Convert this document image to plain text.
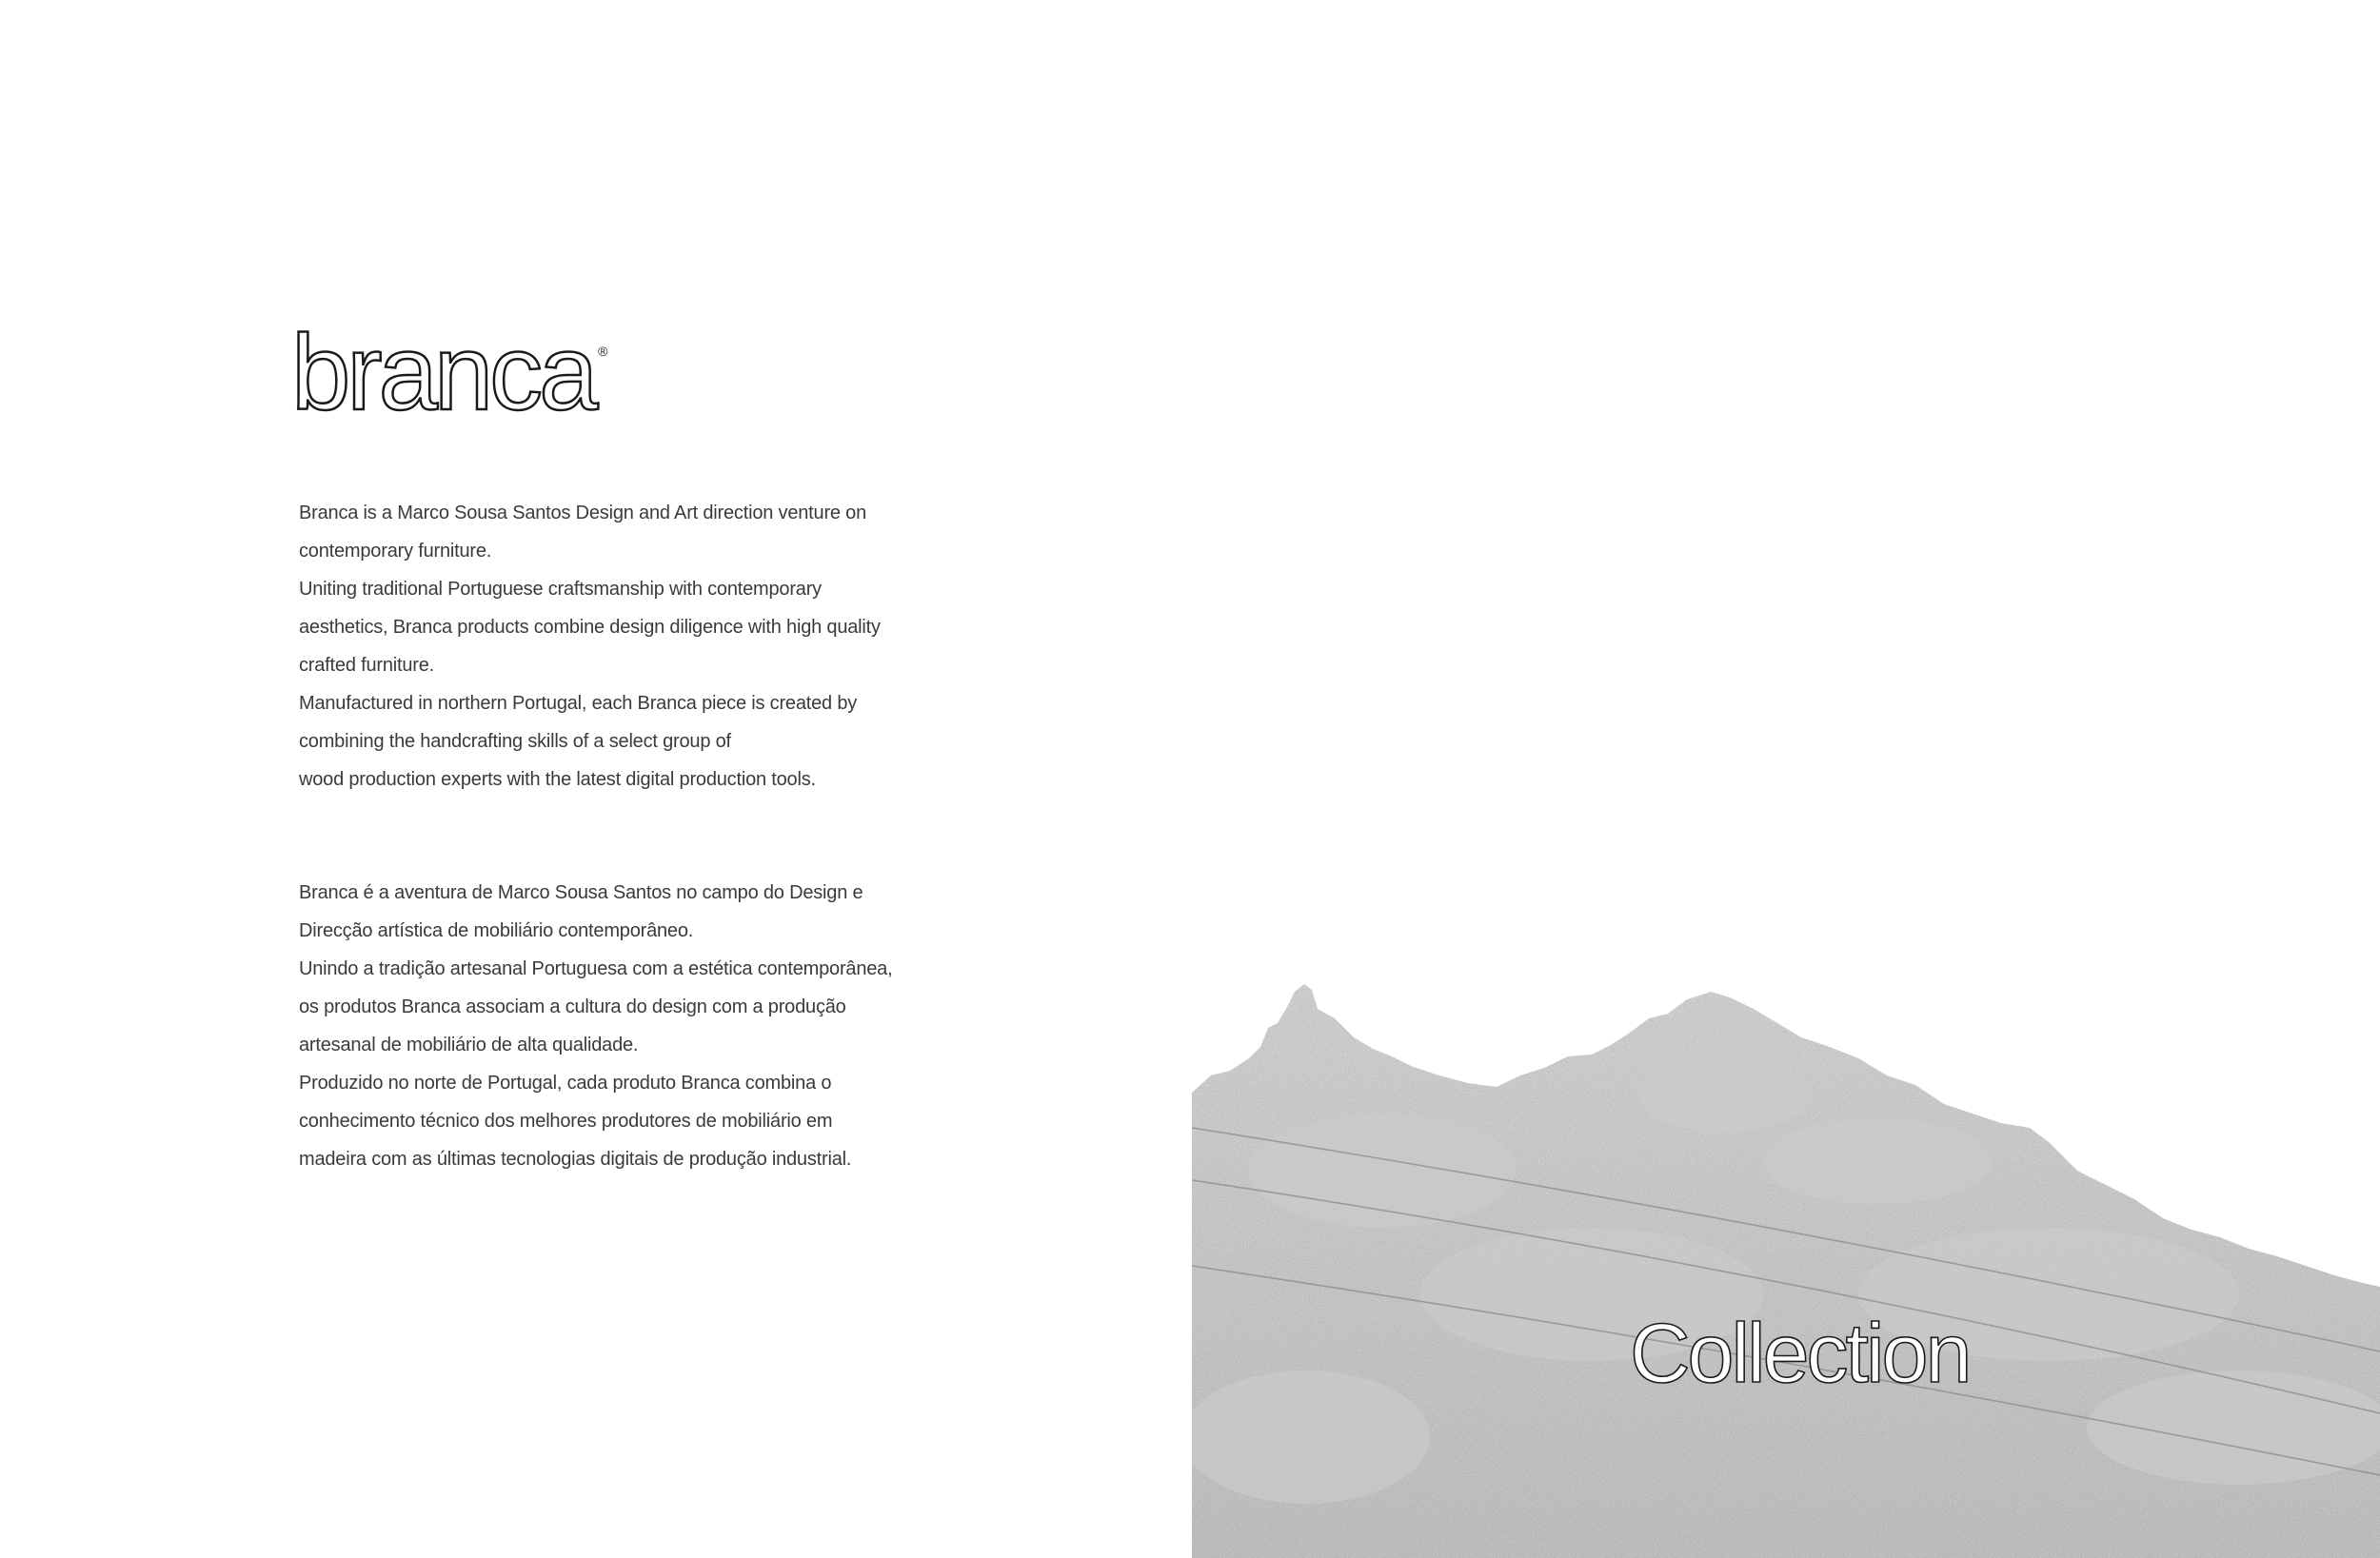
branca ®
Branca is a Marco Sousa Santos Design and Art direction venture on
contemporary furniture.
Uniting traditional Portuguese craftsmanship with contemporary
aesthetics, Branca products combine design diligence with high quality
crafted furniture.
Manufactured in northern Portugal, each Branca piece is created by
combining the handcrafting skills of a select group of
wood production experts with the latest digital production tools.
Branca é a aventura de Marco Sousa Santos no campo do Design e
Direcção artística de mobiliário contemporâneo.
Unindo a tradição artesanal Portuguesa com a estética contemporânea,
os produtos Branca associam a cultura do design com a produção
artesanal de mobiliário de alta qualidade.
Produzido no norte de Portugal, cada produto Branca combina o
conhecimento técnico dos melhores produtores de mobiliário em
madeira com as últimas tecnologias digitais de produção industrial.
Collection
